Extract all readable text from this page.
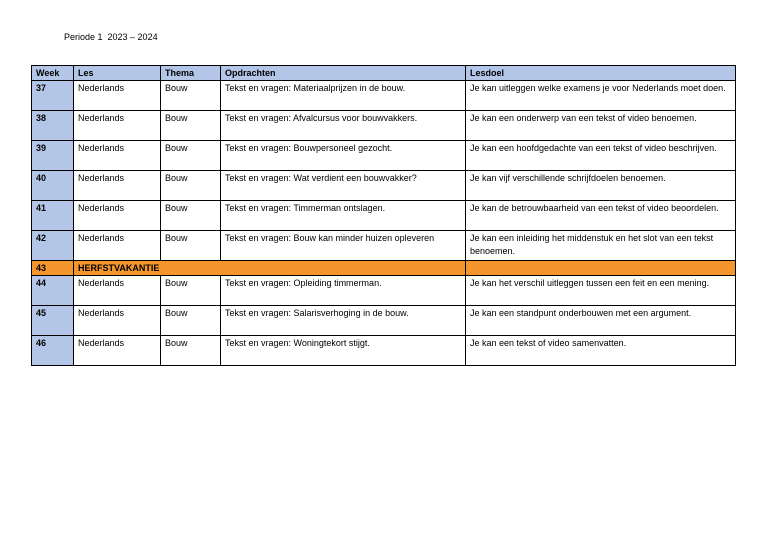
Periode 1  2023 – 2024
Week	Les	Thema	Opdrachten	Lesdoel
37	Nederlands	Bouw	Tekst en vragen: Materiaalprijzen in de bouw.	Je kan uitleggen welke examens je voor Nederlands moet doen.
38	Nederlands	Bouw	Tekst en vragen: Afvalcursus voor bouwvakkers.	Je kan een onderwerp van een tekst of video benoemen.
39	Nederlands	Bouw	Tekst en vragen: Bouwpersoneel gezocht.	Je kan een hoofdgedachte van een tekst of video beschrijven.
40	Nederlands	Bouw	Tekst en vragen: Wat verdient een bouwvakker?	Je kan vijf verschillende schrijfdoelen benoemen.
41	Nederlands	Bouw	Tekst en vragen: Timmerman ontslagen.	Je kan de betrouwbaarheid van een tekst of video beoordelen.
42	Nederlands	Bouw	Tekst en vragen: Bouw kan minder huizen opleveren	Je kan een inleiding het middenstuk en het slot van een tekst benoemen.
43	HERFSTVAKANTIE			
44	Nederlands	Bouw	Tekst en vragen: Opleiding timmerman.	Je kan het verschil uitleggen tussen een feit en een mening.
45	Nederlands	Bouw	Tekst en vragen: Salarisverhoging in de bouw.	Je kan een standpunt onderbouwen met een argument.
46	Nederlands	Bouw	Tekst en vragen: Woningtekort stijgt.	Je kan een tekst of video samenvatten.
